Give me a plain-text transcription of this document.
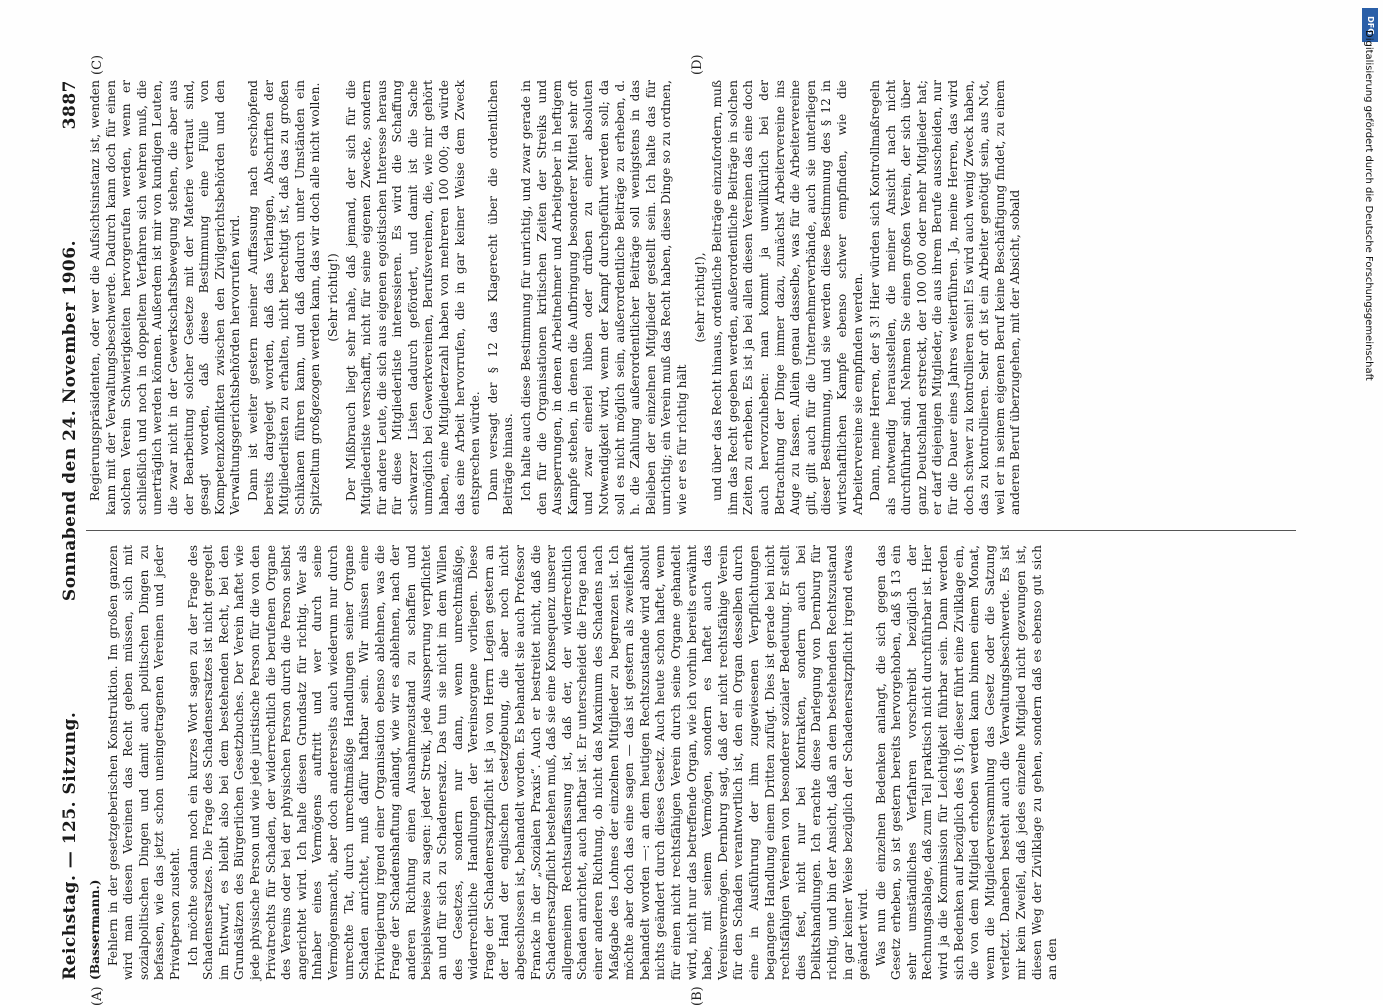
Reichstag. — 125. Sitzung.
Sonnabend den 24. November 1906.
3887

(Bassermann.) Fehlern in der gesetzgeberischen Konstruktion. Im großen ganzen wird man diesen Vereinen das Recht geben müssen, sich mit sozialpolitischen Dingen und damit auch politischen Dingen zu befassen, wie das jetzt schon uneingetragenen Vereinen und jeder Privatperson zusteht. Ich möchte sodann noch ein kurzes Wort sagen zu der Frage des Schadensersatzes. Die Frage des Schadensersatzes ist nicht geregelt im Entwurf, es bleibt also bei dem bestehenden Recht, bei den Grundsätzen des Bürgerlichen Gesetzbuches. Der Verein haftet wie jede physische Person und wie jede juristische Person für die von den Privatrechts für Schaden, der widerrechtlich die berufenen Organe des Vereins oder bei der physischen Person durch die Person selbst angerichtet wird. Ich halte diesen Grundsatz für richtig. Wer als Inhaber eines Vermögens auftritt und wer durch seine Vermögensmacht, aber doch andererseits auch wiederum nur durch unrechte Tat, durch unrechtmäßige Handlungen seiner Organe Schaden anrichtet, muß dafür haftbar sein. Wir müssen eine Privilegierung irgend einer Organisation ebenso ablehnen, was die Frage der Schadenshaftung anlangt, wie wir es ablehnen, nach der anderen Richtung einen Ausnahmezustand zu schaffen und beispielsweise zu sagen: jeder Streik, jede Aussperrung verpflichtet an und für sich zu Schadenersatz. Das tun sie nicht im dem Willen des Gesetzes, sondern nur dann, wenn unrechtmäßige, widerrechtliche Handlungen der Vereinsorgane vorliegen. Diese Frage der Schadenersatzpflicht ist ja von Herrn Legien gestern an der Hand der englischen Gesetzgebung, die aber noch nicht abgeschlossen ist, behandelt worden. Es behandelt sie auch Professor Francke in der „Sozialen Praxis“. Auch er bestreitet nicht, daß die Schadenersatzpflicht bestehen muß, daß sie eine Konsequenz unserer allgemeinen Rechtsauffassung ist, daß der, der widerrechtlich Schaden anrichtet, auch haftbar ist. Er unterscheidet die Frage nach einer anderen Richtung, ob nicht das Maximum des Schadens nach Maßgabe des Lohnes der einzelnen Mitglieder zu begrenzen ist. Ich möchte aber doch das eine sagen — das ist gestern als zweifelhaft behandelt worden —: an dem heutigen Rechtszustande wird absolut nichts geändert durch dieses Gesetz. Auch heute schon haftet, wenn für einen nicht rechtsfähigen Verein durch seine Organe gehandelt wird, nicht nur das betreffende Organ, wie ich vorhin bereits erwähnt habe, mit seinem Vermögen, sondern es haftet auch das Vereinsvermögen. Dernburg sagt, daß der nicht rechtsfähige Verein für den Schaden verantwortlich ist, den ein Organ desselben durch eine in Ausführung der ihm zugewiesenen Verpflichtungen begangene Handlung einem Dritten zufügt. Dies ist gerade bei nicht rechtsfähigen Vereinen von besonderer sozialer Bedeutung. Er stellt dies fest, nicht nur bei Kontrakten, sondern auch bei Deliktshandlungen. Ich erachte diese Darlegung von Dernburg für richtig, und bin der Ansicht, daß an dem bestehenden Rechtszustand in gar keiner Weise bezüglich der Schadenersatzpflicht irgend etwas geändert wird. Was nun die einzelnen Bedenken anlangt, die sich gegen das Gesetz erheben, so ist gestern bereits hervorgehoben, daß § 13 ein sehr umständliches Verfahren vorschreibt bezüglich der Rechnungsablage, daß zum Teil praktisch nicht durchführbar ist. Hier wird ja die Kommission für Leichtigkeit führbar sein. Dann werden sich Bedenken auf bezüglich des § 10; dieser führt eine Zivilklage ein, die von dem Mitglied erhoben werden kann binnen einem Monat, wenn die Mitgliederversammlung das Gesetz oder die Satzung verletzt. Daneben besteht auch die Verwaltungsbeschwerde. Es ist mir kein Zweifel, daß jedes einzelne Mitglied nicht gezwungen ist, diesen Weg der Zivilklage zu gehen, sondern daß es ebenso gut sich an den

Regierungspräsidenten, oder wer die Aufsichtsinstanz ist, wenden kann mit der Verwaltungsbeschwerde. Dadurch kann doch für einen solchen Verein Schwierigkeiten hervorgerufen werden, wenn er schließlich und noch in doppeltem Verfahren sich wehren muß, die unerträglich werden können. Außerdem ist mir von kundigen Leuten, die zwar nicht in der Gewerkschaftsbewegung stehen, die aber aus der Bearbeitung solcher Gesetze mit der Materie vertraut sind, gesagt worden, daß diese Bestimmung eine Fülle von Kompetenzkonflikten zwischen den Zivilgerichtsbehörden und den Verwaltungsgerichtsbehörden hervorrufen wird. Dann ist weiter gestern meiner Auffassung nach erschöpfend bereits dargelegt worden, daß das Verlangen, Abschriften der Mitgliederlisten zu erhalten, nicht berechtigt ist, daß das zu großen Schikanen führen kann, und daß dadurch unter Umständen ein Spitzeltum großgezogen werden kann, das wir doch alle nicht wollen. (Sehr richtig!) Der Mißbrauch liegt sehr nahe, daß jemand, der sich für die Mitgliederliste verschafft, nicht für seine eigenen Zwecke, sondern für andere Leute, die sich aus eigenen egoistischen Interesse heraus für diese Mitgliederliste interessieren. Es wird die Schaffung schwarzer Listen dadurch gefördert, und damit ist die Sache unmöglich bei Gewerkvereinen, Berufsvereinen, die, wie mir gehört haben, eine Mitgliederzahl haben von mehreren 100 000; da würde das eine Arbeit hervorrufen, die in gar keiner Weise dem Zweck entsprechen würde. Dann versagt der § 12 das Klagerecht über die ordentlichen Beiträge hinaus. Ich halte auch diese Bestimmung für unrichtig, und zwar gerade in den für die Organisationen kritischen Zeiten der Streiks und Aussperrungen, in denen Arbeitnehmer und Arbeitgeber in heftigem Kampfe stehen, in denen die Aufbringung besonderer Mittel sehr oft und zwar einerlei hüben oder drüben zu einer absoluten Notwendigkeit wird, wenn der Kampf durchgeführt werden soll; da soll es nicht möglich sein, außerordentliche Beiträge zu erheben, d. h. die Zahlung außerordentlicher Beiträge soll wenigstens in das Belieben der einzelnen Mitglieder gestellt sein. Ich halte das für unrichtig; ein Verein muß das Recht haben, diese Dinge so zu ordnen, wie er es für richtig hält

(sehr richtig!), und über das Recht hinaus, ordentliche Beiträge einzufordern, muß ihm das Recht gegeben werden, außerordentliche Beiträge in solchen Zeiten zu erheben. Es ist ja bei allen diesen Vereinen das eine doch auch hervorzuheben: man kommt ja unwillkürlich bei der Betrachtung der Dinge immer dazu, zunächst Arbeitervereine ins Auge zu fassen. Allein genau dasselbe, was für die Arbeitervereine gilt, gilt auch für die Unternehmerverbände, auch sie unterliegen dieser Bestimmung, und sie werden diese Bestimmung des § 12 in wirtschaftlichen Kampfe ebenso schwer empfinden, wie die Arbeitervereine sie empfinden werden. Dann, meine Herren, der § 3! Hier würden sich Kontrollmaßregeln als notwendig herausstellen, die meiner Ansicht nach nicht durchführbar sind. Nehmen Sie einen großen Verein, der sich über ganz Deutschland erstreckt, der 100 000 oder mehr Mitglieder hat; er darf diejenigen Mitglieder, die aus ihrem Berufe ausscheiden, nur für die Dauer eines Jahres weiterführen. Ja, meine Herren, das wird doch schwer zu kontrollieren sein! Es wird auch wenig Zweck haben, das zu kontrollieren. Sehr oft ist ein Arbeiter genötigt sein, aus Not, weil er in seinem eigenen Beruf keine Beschäftigung findet, zu einem anderen Beruf überzugehen, mit der Absicht, sobald

(A)	(B)
(C)	(D)
DFG
Digitalisierung gefördert durch die Deutsche Forschungsgemeinschaft
